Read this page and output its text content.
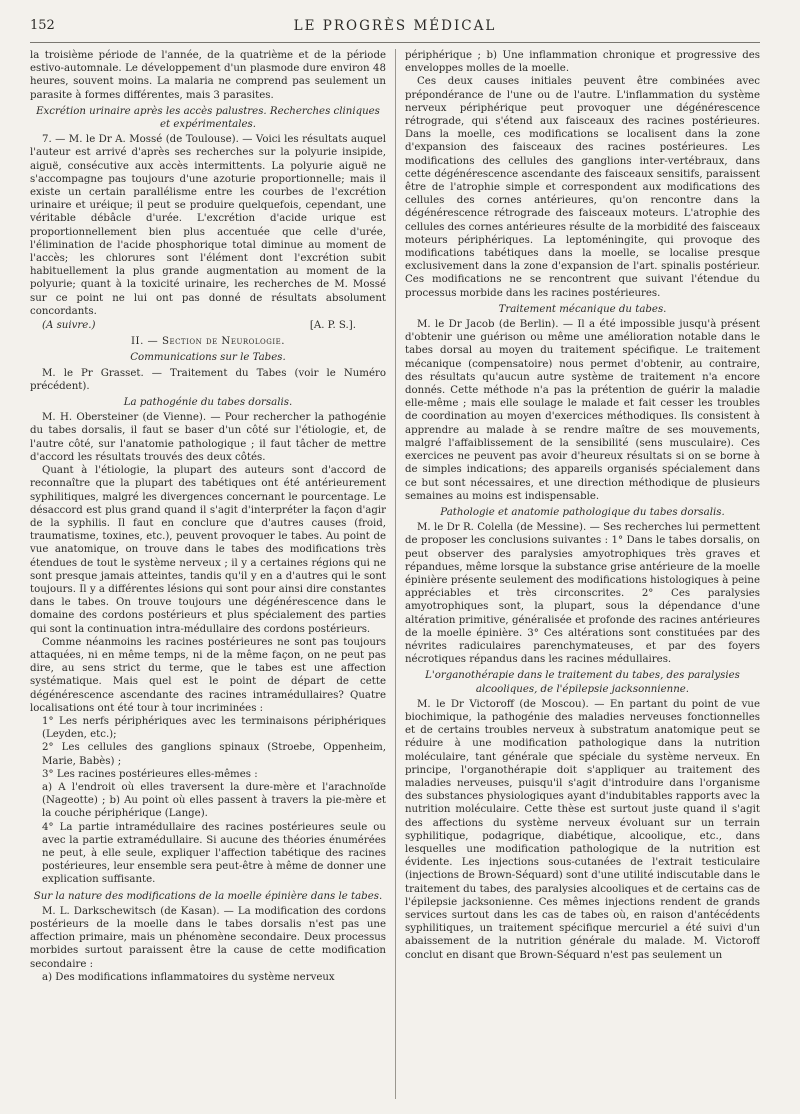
152	LE PROGRÈS MÉDICAL

la troisième période de l'année, de la quatrième et de la période estivo-automnale. Le développement d'un plasmode dure environ 48 heures, souvent moins. La malaria ne comprend pas seulement un parasite à formes différentes, mais 3 parasites.

Excrétion urinaire après les accès palustres. Recherches cliniques et expérimentales.

7. — M. le Dr A. Mossé (de Toulouse). — Voici les résultats auquel l'auteur est arrivé d'après ses recherches sur la polyurie insipide, aiguë, consécutive aux accès intermittents. La polyurie aiguë ne s'accompagne pas toujours d'une azoturie proportionnelle; mais il existe un certain parallélisme entre les courbes de l'excrétion urinaire et uréique; il peut se produire quelquefois, cependant, une véritable débâcle d'urée. L'excrétion d'acide urique est proportionnellement bien plus accentuée que celle d'urée, l'élimination de l'acide phosphorique total diminue au moment de l'accès; les chlorures sont l'élément dont l'excrétion subit habituellement la plus grande augmentation au moment de la polyurie; quant à la toxicité urinaire, les recherches de M. Mossé sur ce point ne lui ont pas donné de résultats absolument concordants.

(A suivre.)	[A. P. S.].

II. — Section de Neurologie.

Communications sur le Tabes.

M. le Pr Grasset. — Traitement du Tabes (voir le Numéro précédent).

La pathogénie du tabes dorsalis.

M. H. Obersteiner (de Vienne). — Pour rechercher la pathogénie du tabes dorsalis, il faut se baser d'un côté sur l'étiologie, et, de l'autre côté, sur l'anatomie pathologique ; il faut tâcher de mettre d'accord les résultats trouvés des deux côtés.

Quant à l'étiologie, la plupart des auteurs sont d'accord de reconnaître que la plupart des tabétiques ont été antérieurement syphilitiques, malgré les divergences concernant le pourcentage. Le désaccord est plus grand quand il s'agit d'interpréter la façon d'agir de la syphilis. Il faut en conclure que d'autres causes (froid, traumatisme, toxines, etc.), peuvent provoquer le tabes. Au point de vue anatomique, on trouve dans le tabes des modifications très étendues de tout le système nerveux ; il y a certaines régions qui ne sont presque jamais atteintes, tandis qu'il y en a d'autres qui le sont toujours. Il y a différentes lésions qui sont pour ainsi dire constantes dans le tabes. On trouve toujours une dégénérescence dans le domaine des cordons postérieurs et plus spécialement des parties qui sont la continuation intra-médullaire des cordons postérieurs.

Comme néanmoins les racines postérieures ne sont pas toujours attaquées, ni en même temps, ni de la même façon, on ne peut pas dire, au sens strict du terme, que le tabes est une affection systématique. Mais quel est le point de départ de cette dégénérescence ascendante des racines intramédullaires? Quatre localisations ont été tour à tour incriminées :

1° Les nerfs périphériques avec les terminaisons périphériques (Leyden, etc.);

2° Les cellules des ganglions spinaux (Stroebe, Oppenheim, Marie, Babès) ;

3° Les racines postérieures elles-mêmes :

a) A l'endroit où elles traversent la dure-mère et l'arachnoïde (Nageotte) ; b) Au point où elles passent à travers la pie-mère et la couche périphérique (Lange).

4° La partie intramédullaire des racines postérieures seule ou avec la partie extramédullaire. Si aucune des théories énumérées ne peut, à elle seule, expliquer l'affection tabétique des racines postérieures, leur ensemble sera peut-être à même de donner une explication suffisante.

Sur la nature des modifications de la moelle épinière dans le tabes.

M. L. Darkschewitsch (de Kasan). — La modification des cordons postérieurs de la moelle dans le tabes dorsalis n'est pas une affection primaire, mais un phénomène secondaire. Deux processus morbides surtout paraissent être la cause de cette modification secondaire :

a) Des modifications inflammatoires du système nerveux

périphérique ; b) Une inflammation chronique et progressive des enveloppes molles de la moelle.

Ces deux causes initiales peuvent être combinées avec prépondérance de l'une ou de l'autre. L'inflammation du système nerveux périphérique peut provoquer une dégénérescence rétrograde, qui s'étend aux faisceaux des racines postérieures. Dans la moelle, ces modifications se localisent dans la zone d'expansion des faisceaux des racines postérieures. Les modifications des cellules des ganglions inter-vertébraux, dans cette dégénérescence ascendante des faisceaux sensitifs, paraissent être de l'atrophie simple et correspondent aux modifications des cellules des cornes antérieures, qu'on rencontre dans la dégénérescence rétrograde des faisceaux moteurs. L'atrophie des cellules des cornes antérieures résulte de la morbidité des faisceaux moteurs périphériques. La leptoméningite, qui provoque des modifications tabétiques dans la moelle, se localise presque exclusivement dans la zone d'expansion de l'art. spinalis postérieur. Ces modifications ne se rencontrent que suivant l'étendue du processus morbide dans les racines postérieures.

Traitement mécanique du tabes.

M. le Dr Jacob (de Berlin). — Il a été impossible jusqu'à présent d'obtenir une guérison ou même une amélioration notable dans le tabes dorsal au moyen du traitement spécifique. Le traitement mécanique (compensatoire) nous permet d'obtenir, au contraire, des résultats qu'aucun autre système de traitement n'a encore donnés. Cette méthode n'a pas la prétention de guérir la maladie elle-même ; mais elle soulage le malade et fait cesser les troubles de coordination au moyen d'exercices méthodiques. Ils consistent à apprendre au malade à se rendre maître de ses mouvements, malgré l'affaiblissement de la sensibilité (sens musculaire). Ces exercices ne peuvent pas avoir d'heureux résultats si on se borne à de simples indications; des appareils organisés spécialement dans ce but sont nécessaires, et une direction méthodique de plusieurs semaines au moins est indispensable.

Pathologie et anatomie pathologique du tabes dorsalis.

M. le Dr R. Colella (de Messine). — Ses recherches lui permettent de proposer les conclusions suivantes : 1° Dans le tabes dorsalis, on peut observer des paralysies amyotrophiques très graves et répandues, même lorsque la substance grise antérieure de la moelle épinière présente seulement des modifications histologiques à peine appréciables et très circonscrites. 2° Ces paralysies amyotrophiques sont, la plupart, sous la dépendance d'une altération primitive, généralisée et profonde des racines antérieures de la moelle épinière. 3° Ces altérations sont constituées par des névrites radiculaires parenchymateuses, et par des foyers nécrotiques répandus dans les racines médullaires.

L'organothérapie dans le traitement du tabes, des paralysies alcooliques, de l'épilepsie jacksonnienne.

M. le Dr Victoroff (de Moscou). — En partant du point de vue biochimique, la pathogénie des maladies nerveuses fonctionnelles et de certains troubles nerveux à substratum anatomique peut se réduire à une modification pathologique dans la nutrition moléculaire, tant générale que spéciale du système nerveux. En principe, l'organothérapie doit s'appliquer au traitement des maladies nerveuses, puisqu'il s'agit d'introduire dans l'organisme des substances physiologiques ayant d'indubitables rapports avec la nutrition moléculaire. Cette thèse est surtout juste quand il s'agit des affections du système nerveux évoluant sur un terrain syphilitique, podagrique, diabétique, alcoolique, etc., dans lesquelles une modification pathologique de la nutrition est évidente. Les injections sous-cutanées de l'extrait testiculaire (injections de Brown-Séquard) sont d'une utilité indiscutable dans le traitement du tabes, des paralysies alcooliques et de certains cas de l'épilepsie jacksonienne. Ces mêmes injections rendent de grands services surtout dans les cas de tabes où, en raison d'antécédents syphilitiques, un traitement spécifique mercuriel a été suivi d'un abaissement de la nutrition générale du malade. M. Victoroff conclut en disant que Brown-Séquard n'est pas seulement un
